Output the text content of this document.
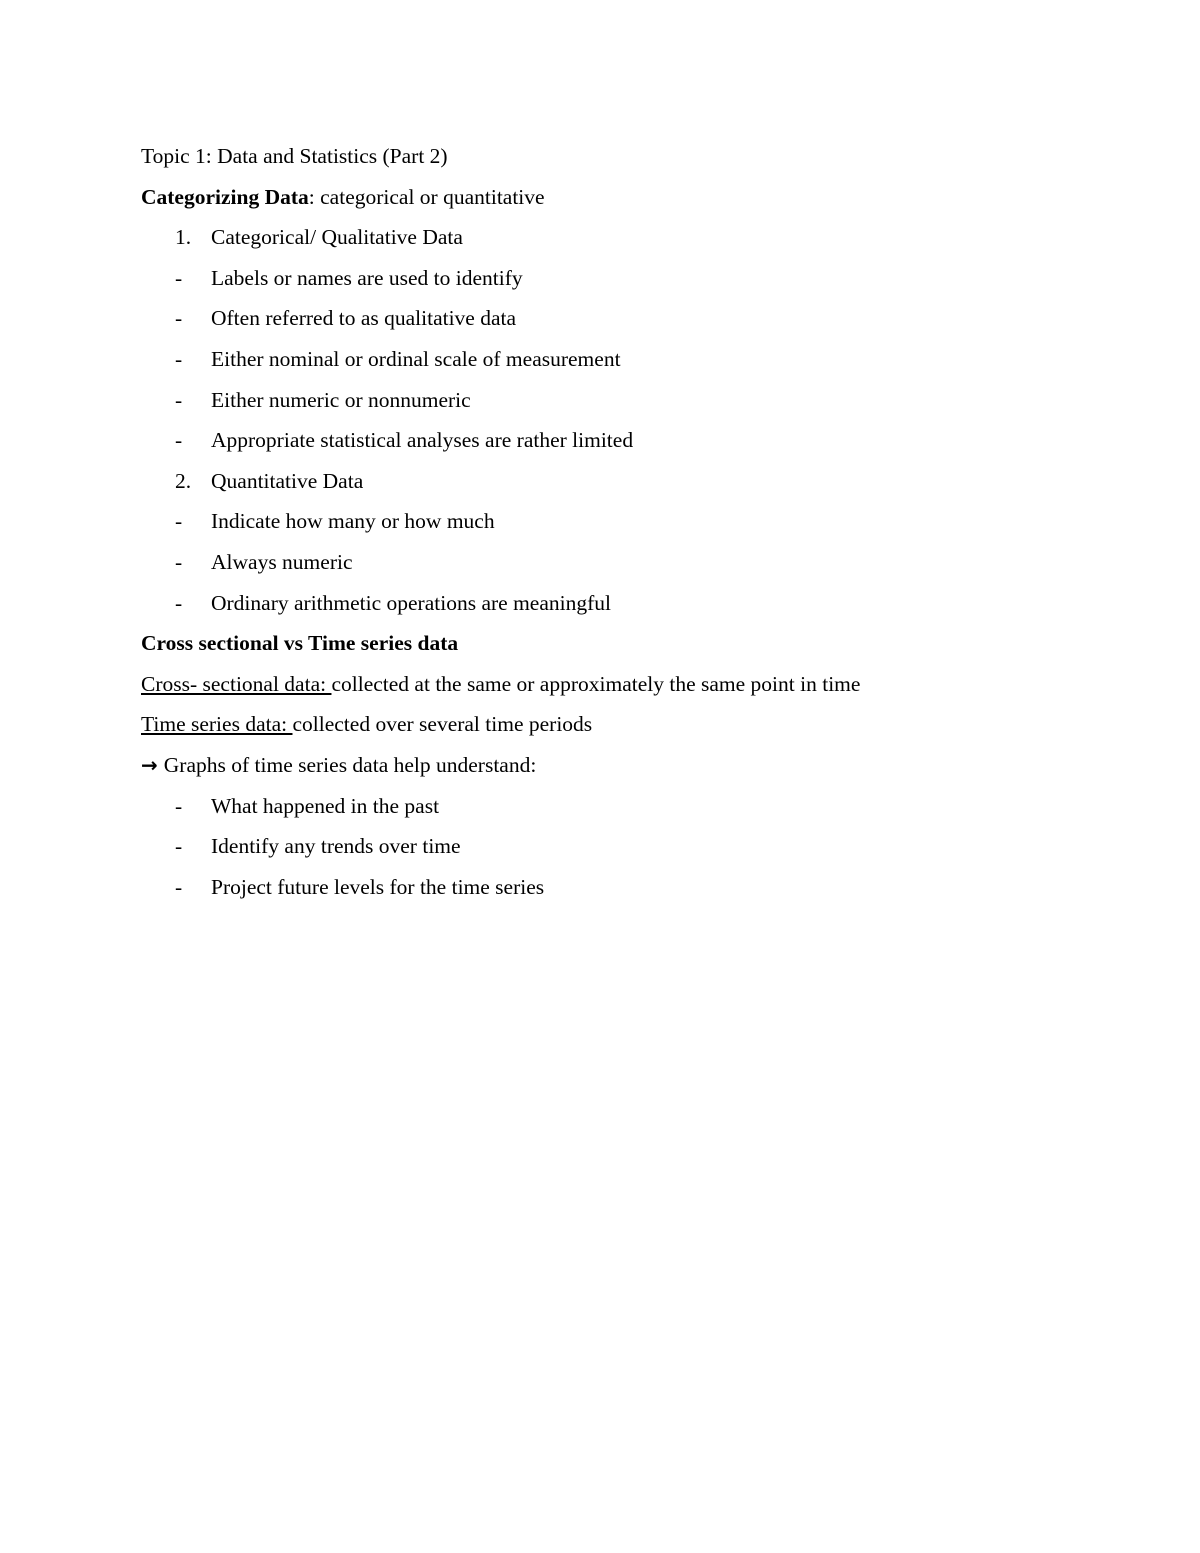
Topic 1: Data and Statistics (Part 2)
Categorizing Data: categorical or quantitative
1. Categorical/ Qualitative Data
-	Labels or names are used to identify
-	Often referred to as qualitative data
-	Either nominal or ordinal scale of measurement
-	Either numeric or nonnumeric
-	Appropriate statistical analyses are rather limited
2. Quantitative Data
-	Indicate how many or how much
-	Always numeric
-	Ordinary arithmetic operations are meaningful
Cross sectional vs Time series data
Cross- sectional data: collected at the same or approximately the same point in time
Time series data: collected over several time periods
→ Graphs of time series data help understand:
-	What happened in the past
-	Identify any trends over time
-	Project future levels for the time series
